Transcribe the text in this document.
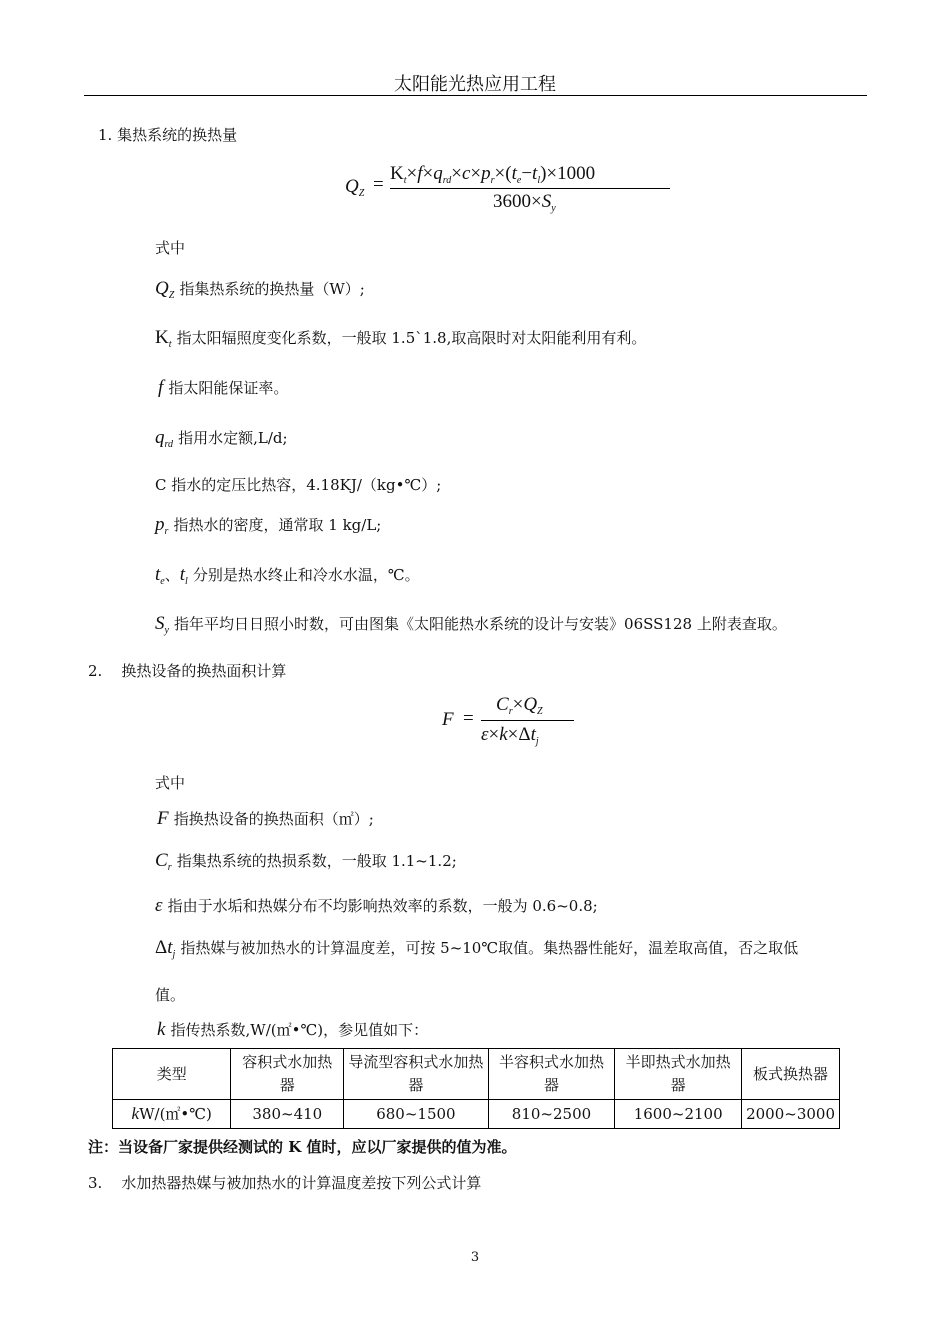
太阳能光热应用工程
1. 集热系统的换热量
$Q_Z$ =
$K_t\times f\times q_{rd}\times c\times p_r\times(t_e-t_l)\times 1000$
$3600\times S_y$
式中
$Q_Z$ 指集热系统的换热量（W）;
$K_t$ 指太阳辐照度变化系数，一般取 1.5`1.8,取高限时对太阳能利用有利。
f 指太阳能保证率。
$q_{rd}$ 指用水定额,L/d;
C 指水的定压比热容，4.18KJ/（kg•℃）;
$p_r$ 指热水的密度，通常取 1 kg/L;
$t_e$、$t_l$ 分别是热水终止和冷水水温，℃。
$S_y$ 指年平均日日照小时数，可由图集《太阳能热水系统的设计与安装》06SS128 上附表查取。
2.    换热设备的换热面积计算
F =
$C_r\times Q_Z$
$\varepsilon\times k\times\Delta t_j$
式中
F 指换热设备的换热面积（㎡）;
$C_r$ 指集热系统的热损系数，一般取 1.1~1.2;
ε 指由于水垢和热媒分布不均影响热效率的系数，一般为 0.6~0.8;
$\Delta t_j$ 指热媒与被加热水的计算温度差，可按 5~10℃取值。集热器性能好，温差取高值，否之取低
值。
k 指传热系数,W/(㎡•℃)，参见值如下：
类型	容积式水加热器	导流型容积式水加热器	半容积式水加热器	半即热式水加热器	板式换热器
kW/(㎡•℃)	380~410	680~1500	810~2500	1600~2100	2000~3000
注：当设备厂家提供经测试的 K 值时，应以厂家提供的值为准。
3.    水加热器热媒与被加热水的计算温度差按下列公式计算
3
